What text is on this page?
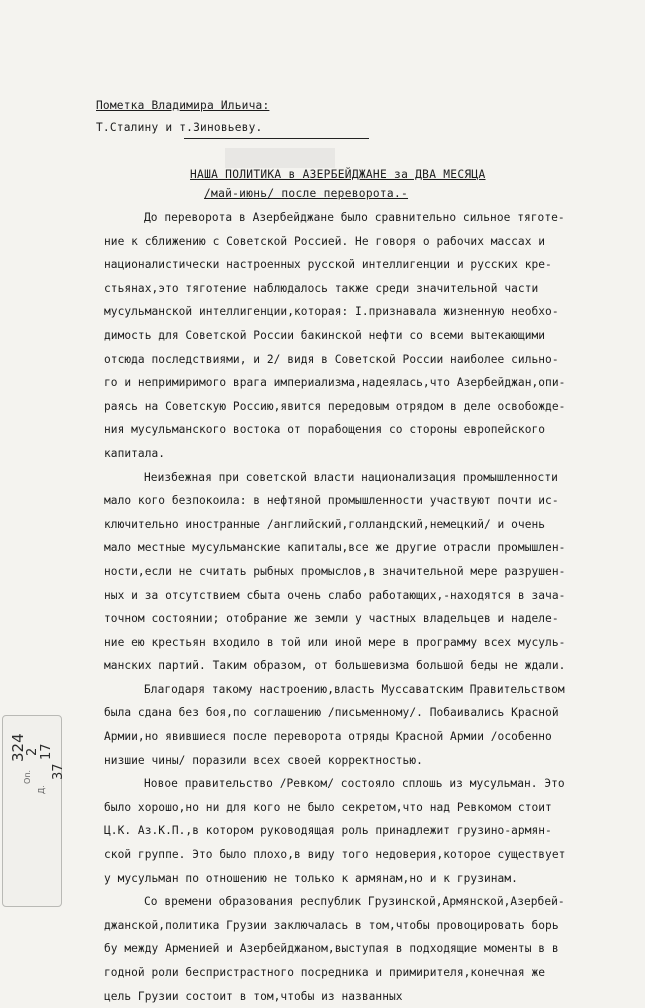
Пометка Владимира Ильича:
Т.Сталину и т.Зиновьеву.
НАША ПОЛИТИКА в АЗЕРБЕЙДЖАНЕ за ДВА МЕСЯЦА
/май-июнь/ после переворота.-
До переворота в Азербейджане было сравнительно сильное тяготе-
ние к сближению с Советской Россией. Не говоря о рабочих массах и
националистически настроенных русской интеллигенции и русских кре-
стьянах,это тяготение наблюдалось также среди значительной части
мусульманской интеллигенции,которая: I.признавала жизненную необхо-
димость для Советской России бакинской нефти со всеми вытекающими
отсюда последствиями, и 2/ видя в Советской России наиболее сильно-
го и непримиримого врага империализма,надеялась,что Азербейджан,опи-
раясь на Советскую Россию,явится передовым отрядом в деле освобожде-
ния мусульманского востока от порабощения со стороны европейского
капитала.
Неизбежная при советской власти национализация промышленности
мало кого безпокоила: в нефтяной промышленности участвуют почти ис-
ключительно иностранные /английский,голландский,немецкий/ и очень
мало местные мусульманские капиталы,все же другие отрасли промышлен-
ности,если не считать рыбных промыслов,в значительной мере разрушен-
ных и за отсутствием сбыта очень слабо работающих,-находятся в зача-
точном состоянии; отобрание же земли у частных владельцев и наделе-
ние ею крестьян входило в той или иной мере в программу всех мусуль-
манских партий. Таким образом, от большевизма большой беды не ждали.
Благодаря такому настроению,власть Муссаватским Правительством
была сдана без боя,по соглашению /письменному/. Побаивались Красной
Армии,но явившиеся после переворота отряды Красной Армии /особенно
низшие чины/ поразили всех своей корректностью.
Новое правительство /Ревком/ состояло сплошь из мусульман. Это
было хорошо,но ни для кого не было секретом,что над Ревкомом стоит
Ц.К. Аз.К.П.,в котором руководящая роль принадлежит грузино-армян-
ской группе. Это было плохо,в виду того недоверия,которое существует
у мусульман по отношению не только к армянам,но и к грузинам.
Со времени образования республик Грузинской,Армянской,Азербей-
джанской,политика Грузии заключалась в том,чтобы провоцировать борь
бу между Арменией и Азербейджаном,выступая в подходящие моменты в в
годной роли беспристрастного посредника и примирителя,конечная же
цель Грузии состоит в том,чтобы из названных
324
2 17
37
Оп.
Д.
